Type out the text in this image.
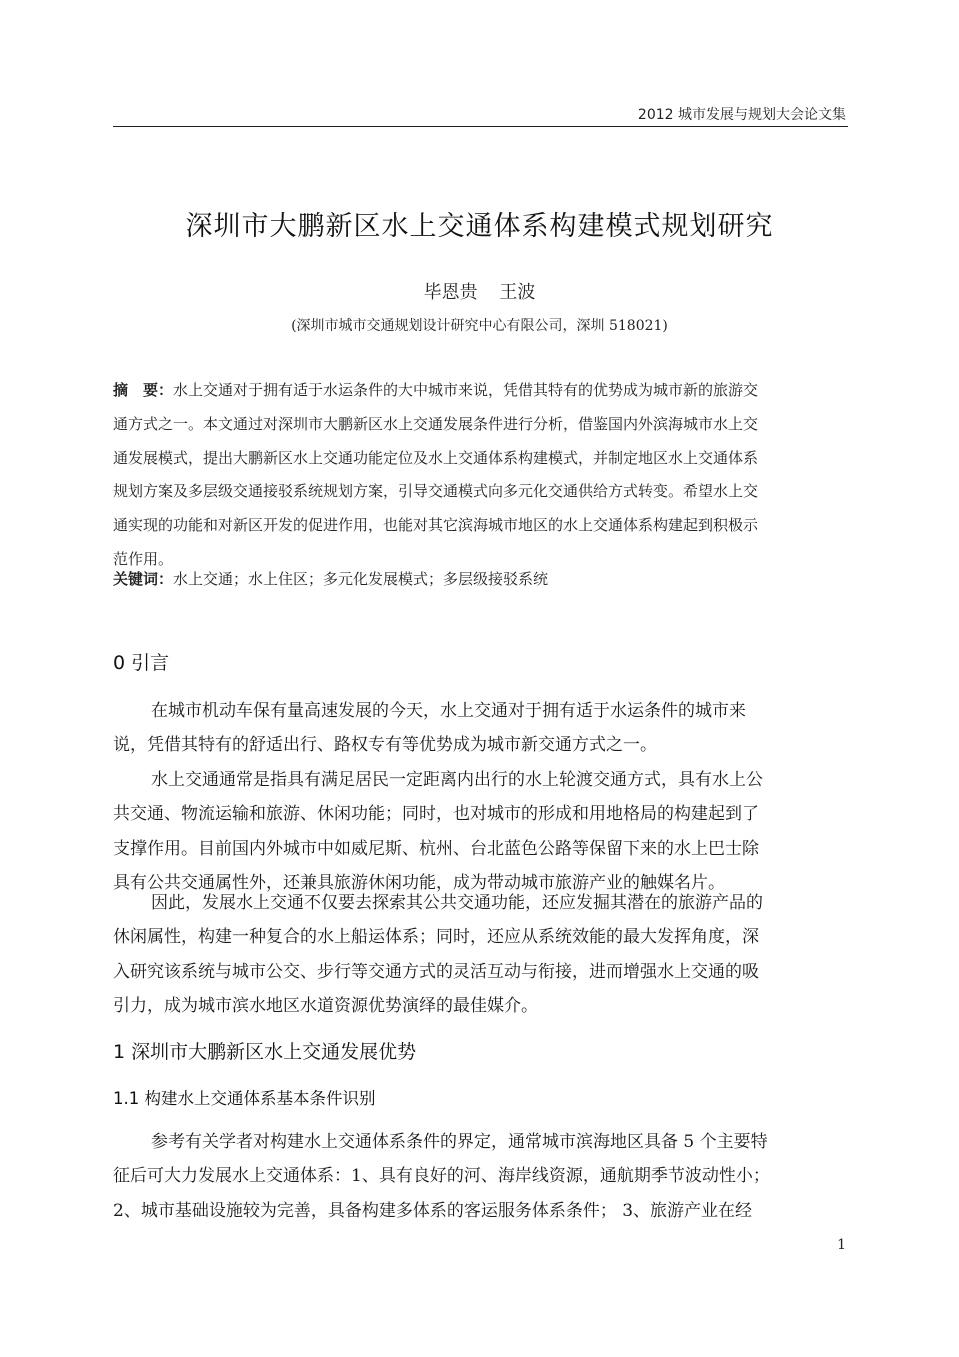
2012 城市发展与规划大会论文集
深圳市大鹏新区水上交通体系构建模式规划研究
毕恩贵 王波
(深圳市城市交通规划设计研究中心有限公司，深圳 518021)
摘　要：水上交通对于拥有适于水运条件的大中城市来说，凭借其特有的优势成为城市新的旅游交
通方式之一。本文通过对深圳市大鹏新区水上交通发展条件进行分析，借鉴国内外滨海城市水上交
通发展模式，提出大鹏新区水上交通功能定位及水上交通体系构建模式，并制定地区水上交通体系
规划方案及多层级交通接驳系统规划方案，引导交通模式向多元化交通供给方式转变。希望水上交
通实现的功能和对新区开发的促进作用，也能对其它滨海城市地区的水上交通体系构建起到积极示
范作用。
关键词：水上交通；水上住区；多元化发展模式；多层级接驳系统
0 引言
在城市机动车保有量高速发展的今天，水上交通对于拥有适于水运条件的城市来
说，凭借其特有的舒适出行、路权专有等优势成为城市新交通方式之一。
水上交通通常是指具有满足居民一定距离内出行的水上轮渡交通方式，具有水上公
共交通、物流运输和旅游、休闲功能；同时，也对城市的形成和用地格局的构建起到了
支撑作用。目前国内外城市中如威尼斯、杭州、台北蓝色公路等保留下来的水上巴士除
具有公共交通属性外，还兼具旅游休闲功能，成为带动城市旅游产业的触媒名片。
因此，发展水上交通不仅要去探索其公共交通功能，还应发掘其潜在的旅游产品的
休闲属性，构建一种复合的水上船运体系；同时，还应从系统效能的最大发挥角度，深
入研究该系统与城市公交、步行等交通方式的灵活互动与衔接，进而增强水上交通的吸
引力，成为城市滨水地区水道资源优势演绎的最佳媒介。
1 深圳市大鹏新区水上交通发展优势
1.1 构建水上交通体系基本条件识别
参考有关学者对构建水上交通体系条件的界定，通常城市滨海地区具备 5 个主要特
征后可大力发展水上交通体系：1、具有良好的河、海岸线资源，通航期季节波动性小；
2、城市基础设施较为完善，具备构建多体系的客运服务体系条件； 3、旅游产业在经
1
